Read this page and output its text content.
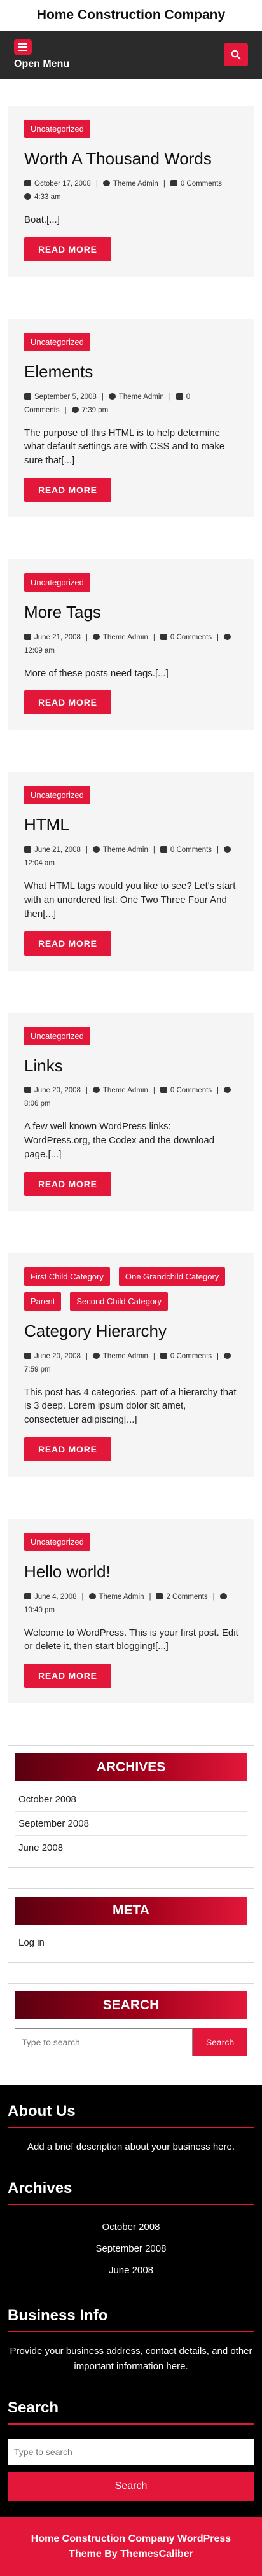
Home Construction Company
Open Menu
Uncategorized
Worth A Thousand Words
October 17, 2008 | Theme Admin | 0 Comments |4:33 am

Boat.[...]

READ MORE
Uncategorized
Elements
September 5, 2008 | Theme Admin | 0 Comments | 7:39 pm

The purpose of this HTML is to help determine what default settings are with CSS and to make sure that[...]

READ MORE
Uncategorized
More Tags
June 21, 2008 | Theme Admin | 0 Comments |12:09 am

More of these posts need tags.[...]

READ MORE
Uncategorized
HTML
June 21, 2008 | Theme Admin | 0 Comments |12:04 am

What HTML tags would you like to see? Let's start with an unordered list: One Two Three Four And then[...]

READ MORE
Uncategorized
Links
June 20, 2008 | Theme Admin | 0 Comments |8:06 pm

A few well known WordPress links: WordPress.org, the Codex and the download page.[...]

READ MORE
First Child Category	One Grandchild Category
Parent	Second Child Category
Category Hierarchy
June 20, 2008 | Theme Admin | 0 Comments |7:59 pm

This post has 4 categories, part of a hierarchy that is 3 deep. Lorem ipsum dolor sit amet, consectetuer adipiscing[...]

READ MORE
Uncategorized
Hello world!
June 4, 2008 | Theme Admin | 2 Comments |10:40 pm

Welcome to WordPress. This is your first post. Edit or delete it, then start blogging![...]

READ MORE
ARCHIVES
October 2008
September 2008
June 2008
META
Log in
SEARCH
Type to search
Search
About Us

Add a brief description about your business here.

Archives
October 2008
September 2008
June 2008
Business Info

Provide your business address, contact details, and other important information here.

Search
Type to search Search
Home Construction Company WordPress Theme By ThemesCaliber
